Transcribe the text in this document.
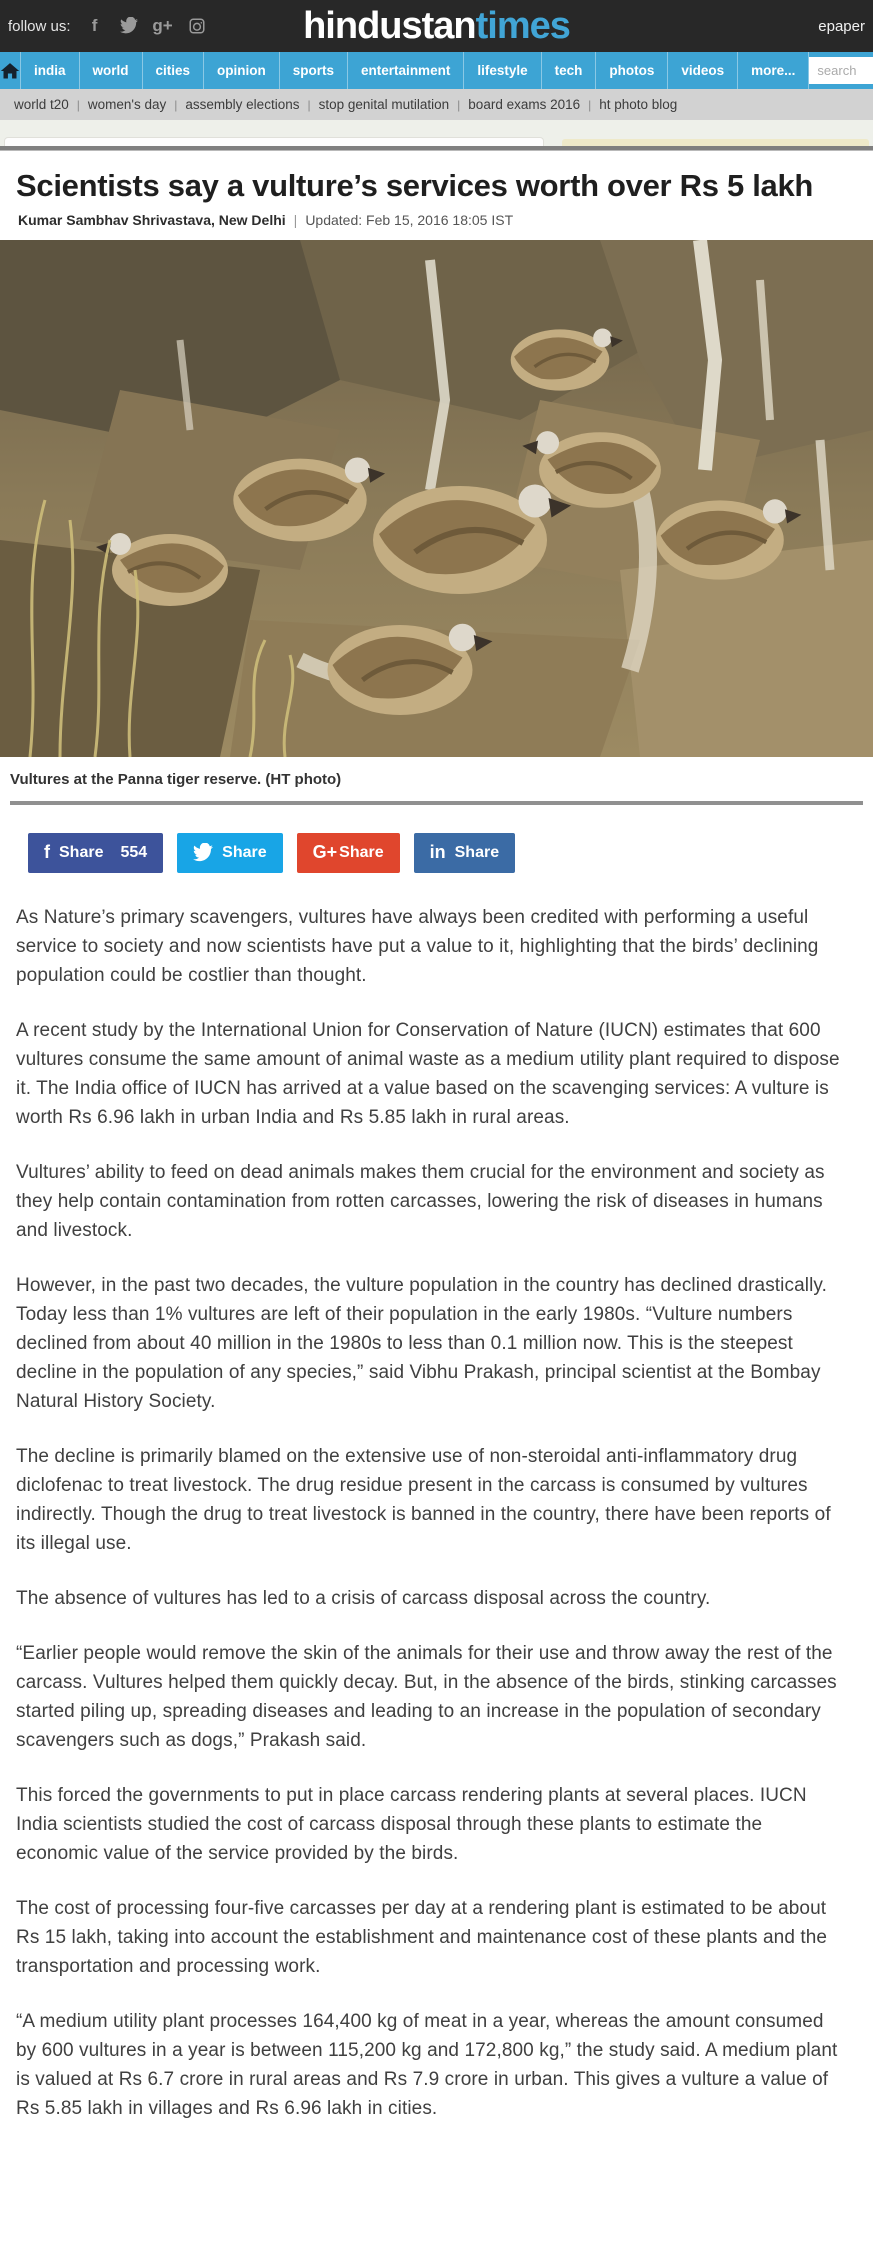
follow us:	f	g+	hindustantimes	epaper
india	world	cities	opinion	sports	entertainment	lifestyle	tech	photos	videos	more...
search
world t20 | women's day | assembly elections | stop genital mutilation | board exams 2016 | ht photo blog
Scientists say a vulture’s services worth over Rs 5 lakh
Kumar Sambhav Shrivastava, New Delhi | Updated: Feb 15, 2016 18:05 IST
Vultures at the Panna tiger reserve. (HT photo)
f Share 554	Share	G+ Share	in Share

As Nature’s primary scavengers, vultures have always been credited with performing a useful service to society and now scientists have put a value to it, highlighting that the birds’ declining population could be costlier than thought.

A recent study by the International Union for Conservation of Nature (IUCN) estimates that 600 vultures consume the same amount of animal waste as a medium utility plant required to dispose it. The India office of IUCN has arrived at a value based on the scavenging services: A vulture is worth Rs 6.96 lakh in urban India and Rs 5.85 lakh in rural areas.

Vultures’ ability to feed on dead animals makes them crucial for the environment and society as they help contain contamination from rotten carcasses, lowering the risk of diseases in humans and livestock.

However, in the past two decades, the vulture population in the country has declined drastically. Today less than 1% vultures are left of their population in the early 1980s. “Vulture numbers declined from about 40 million in the 1980s to less than 0.1 million now. This is the steepest decline in the population of any species,” said Vibhu Prakash, principal scientist at the Bombay Natural History Society.

The decline is primarily blamed on the extensive use of non-steroidal anti-inflammatory drug diclofenac to treat livestock. The drug residue present in the carcass is consumed by vultures indirectly. Though the drug to treat livestock is banned in the country, there have been reports of its illegal use.

The absence of vultures has led to a crisis of carcass disposal across the country.

“Earlier people would remove the skin of the animals for their use and throw away the rest of the carcass. Vultures helped them quickly decay. But, in the absence of the birds, stinking carcasses started piling up, spreading diseases and leading to an increase in the population of secondary scavengers such as dogs,” Prakash said.

This forced the governments to put in place carcass rendering plants at several places. IUCN India scientists studied the cost of carcass disposal through these plants to estimate the economic value of the service provided by the birds.

The cost of processing four-five carcasses per day at a rendering plant is estimated to be about Rs 15 lakh, taking into account the establishment and maintenance cost of these plants and the transportation and processing work.

“A medium utility plant processes 164,400 kg of meat in a year, whereas the amount consumed by 600 vultures in a year is between 115,200 kg and 172,800 kg,” the study said. A medium plant is valued at Rs 6.7 crore in rural areas and Rs 7.9 crore in urban. This gives a vulture a value of Rs 5.85 lakh in villages and Rs 6.96 lakh in cities.
